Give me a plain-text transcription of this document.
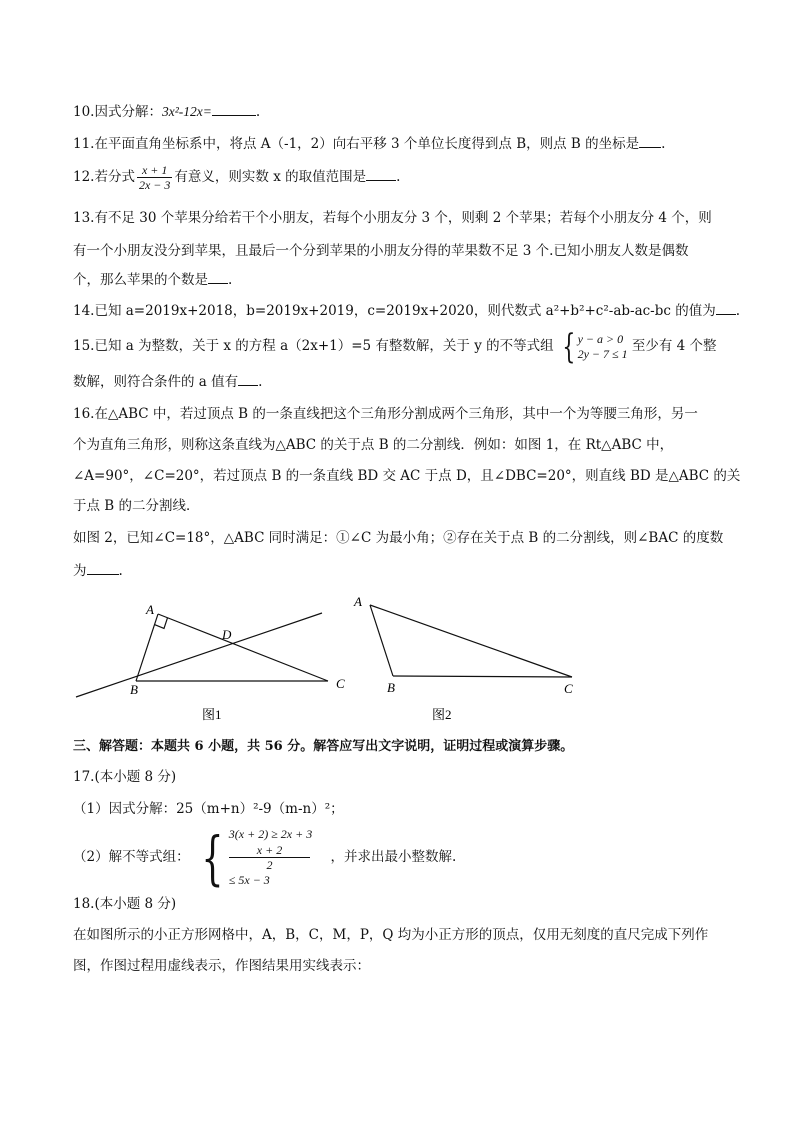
10.因式分解：3x²-12x=	.
11.在平面直角坐标系中，将点 A（-1，2）向右平移 3 个单位长度得到点 B，则点 B 的坐标是 .
12.若分式 $\frac{x + 1}{2x - 3}$ 有意义，则实数 x 的取值范围是 .
13.有不足 30 个苹果分给若干个小朋友，若每个小朋友分 3 个，则剩 2 个苹果；若每个小朋友分 4 个，则
有一个小朋友没分到苹果，且最后一个分到苹果的小朋友分得的苹果数不足 3 个.已知小朋友人数是偶数
个，那么苹果的个数是 .
14.已知 a=2019x+2018，b=2019x+2019，c=2019x+2020，则代数式 a²+b²+c²-ab-ac-bc 的值为 .
15.已知 a 为整数，关于 x 的方程 a（2x+1）=5 有整数解，关于 y 的不等式组 { y − a > 0
2y − 7 ≤ 1 至少有 4 个整
数解，则符合条件的 a 值有 .
16.在△ABC 中，若过顶点 B 的一条直线把这个三角形分割成两个三角形，其中一个为等腰三角形，另一
个为直角三角形，则称这条直线为△ABC 的关于点 B 的二分割线．例如：如图 1，在 Rt△ABC 中，
∠A=90°，∠C=20°，若过顶点 B 的一条直线 BD 交 AC 于点 D，且∠DBC=20°，则直线 BD 是△ABC 的关
于点 B 的二分割线．
如图 2，已知∠C=18°，△ABC 同时满足：①∠C 为最小角；②存在关于点 B 的二分割线，则∠BAC 的度数
为 .
A
D
B	C
图1
A
B	C
图2
三、解答题：本题共 6 小题，共 56 分。解答应写出文字说明，证明过程或演算步骤。
17.(本小题 8 分)
（1）因式分解：25（m+n）²-9（m-n）²；
（2）解不等式组： { 3(x + 2) ≥ 2x + 3
x + 2
2
≤ 5x − 3
，并求出最小整数解.
18.(本小题 8 分)
在如图所示的小正方形网格中，A，B，C，M，P，Q 均为小正方形的顶点，仅用无刻度的直尺完成下列作
图，作图过程用虚线表示，作图结果用实线表示：
